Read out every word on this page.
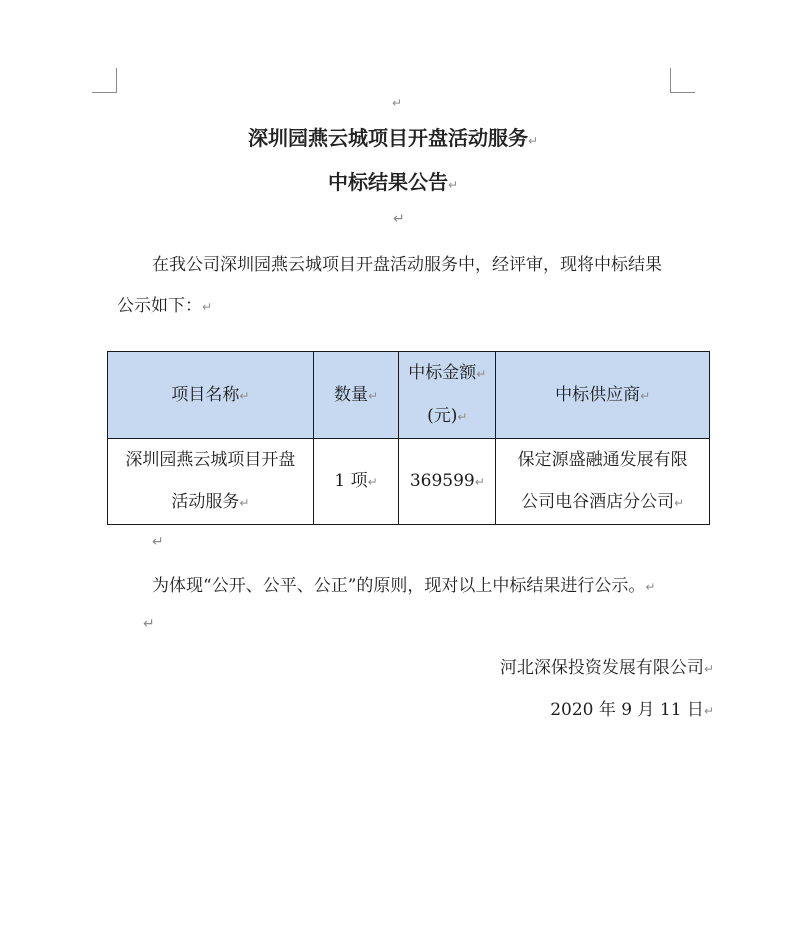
↵
深圳园燕云城项目开盘活动服务↵
中标结果公告↵
↵
在我公司深圳园燕云城项目开盘活动服务中，经评审，现将中标结果
公示如下：↵
项目名称↵	数量↵	中标金额↵
(元)↵	中标供应商↵
深圳园燕云城项目开盘
活动服务↵	1 项↵	369599↵	保定源盛融通发展有限
公司电谷酒店分公司↵
↵
为体现“公开、公平、公正”的原则，现对以上中标结果进行公示。↵
↵
河北深保投资发展有限公司↵
2020 年 9 月 11 日↵
